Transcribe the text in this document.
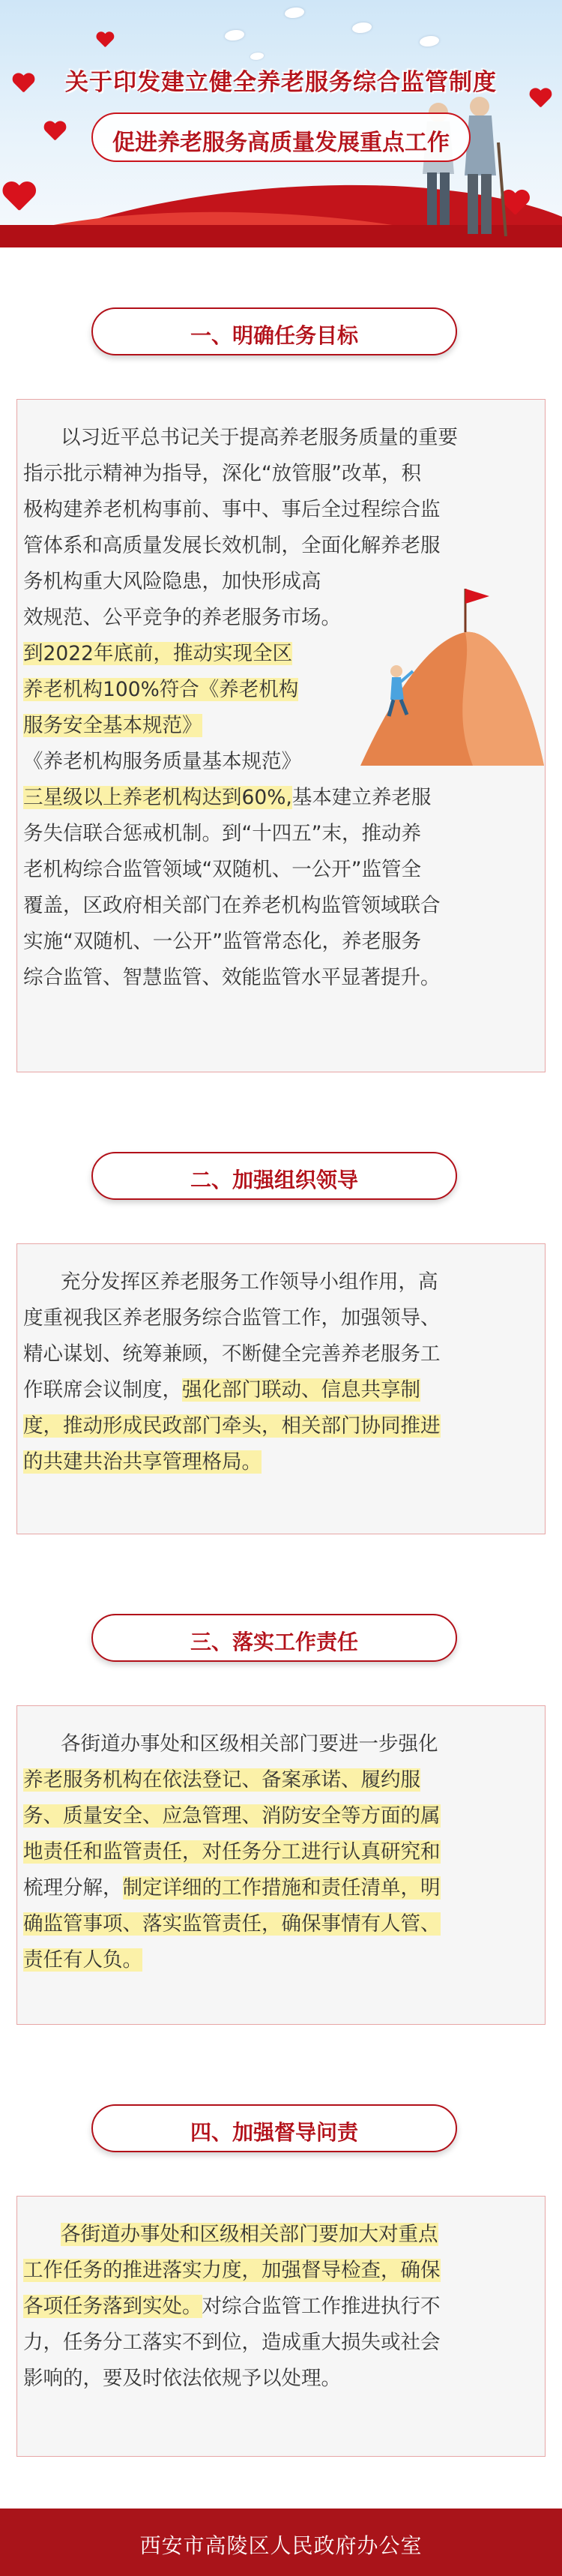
关于印发建立健全养老服务综合监管制度
促进养老服务高质量发展重点工作
一、明确任务目标
以习近平总书记关于提高养老服务质量的重要
指示批示精神为指导，深化“放管服”改革，积
极构建养老机构事前、事中、事后全过程综合监
管体系和高质量发展长效机制，全面化解养老服
务机构重大风险隐患，加快形成高
效规范、公平竞争的养老服务市场。
到2022年底前，推动实现全区
养老机构100%符合《养老机构
服务安全基本规范》
《养老机构服务质量基本规范》
三星级以上养老机构达到60%,基本建立养老服
务失信联合惩戒机制。到“十四五”末，推动养
老机构综合监管领域“双随机、一公开”监管全
覆盖，区政府相关部门在养老机构监管领域联合
实施“双随机、一公开”监管常态化，养老服务
综合监管、智慧监管、效能监管水平显著提升。
二、加强组织领导
充分发挥区养老服务工作领导小组作用，高
度重视我区养老服务综合监管工作，加强领导、
精心谋划、统筹兼顾，不断健全完善养老服务工
作联席会议制度，强化部门联动、信息共享制
度，推动形成民政部门牵头，相关部门协同推进
的共建共治共享管理格局。
三、落实工作责任
各街道办事处和区级相关部门要进一步强化
养老服务机构在依法登记、备案承诺、履约服
务、质量安全、应急管理、消防安全等方面的属
地责任和监管责任，对任务分工进行认真研究和
梳理分解，制定详细的工作措施和责任清单，明
确监管事项、落实监管责任，确保事情有人管、
责任有人负。
四、加强督导问责
各街道办事处和区级相关部门要加大对重点
工作任务的推进落实力度，加强督导检查，确保
各项任务落到实处。对综合监管工作推进执行不
力，任务分工落实不到位，造成重大损失或社会
影响的，要及时依法依规予以处理。
西安市高陵区人民政府办公室
